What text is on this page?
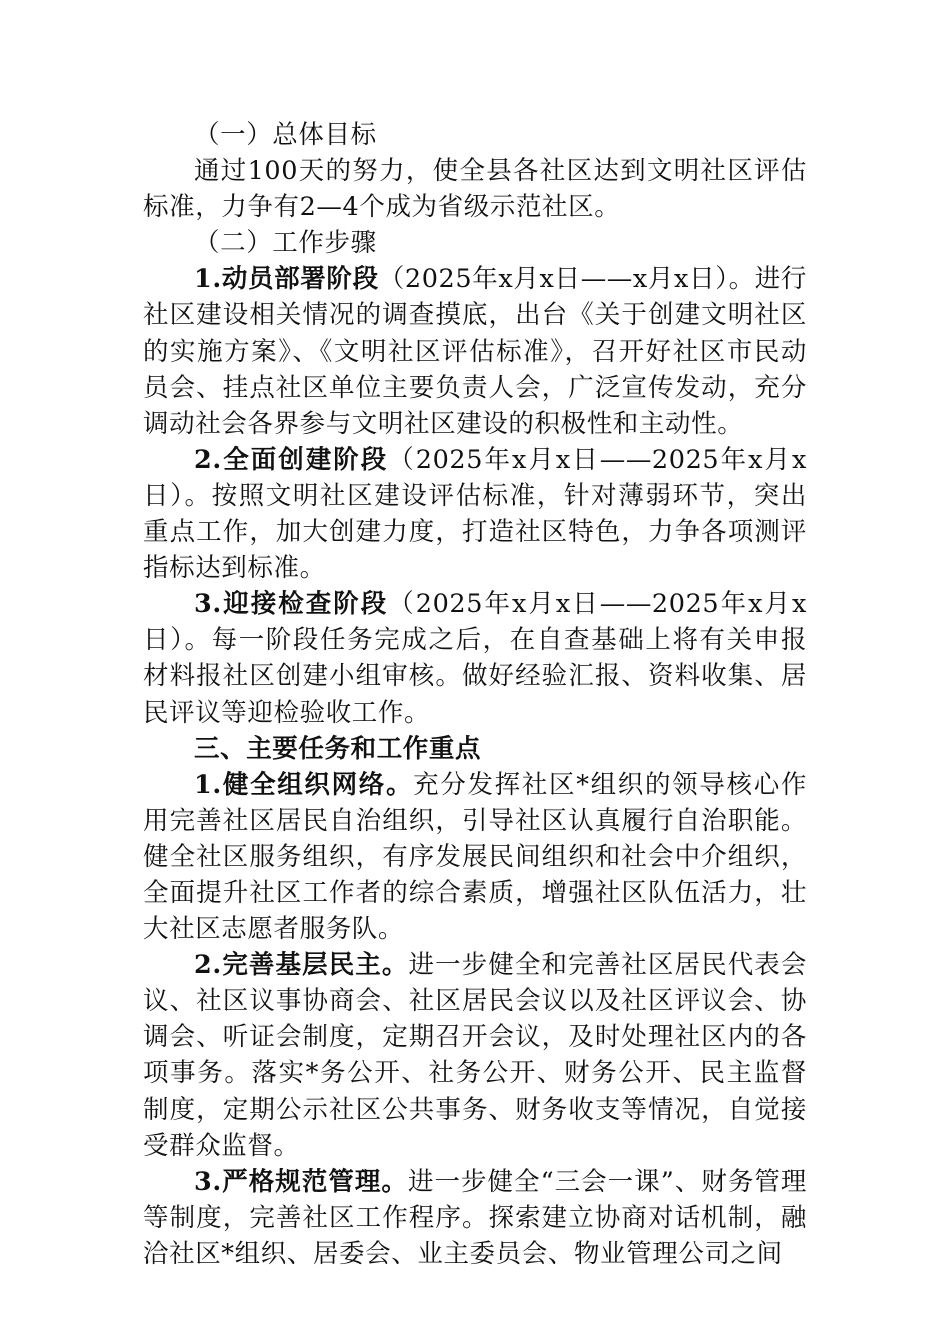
（一）总体目标

通过100天的努力，使全县各社区达到文明社区评估标准，力争有2—4个成为省级示范社区。

（二）工作步骤

1.动员部署阶段（2025年x月x日——x月x日）。进行社区建设相关情况的调查摸底，出台《关于创建文明社区的实施方案》、《文明社区评估标准》，召开好社区市民动员会、挂点社区单位主要负责人会，广泛宣传发动，充分调动社会各界参与文明社区建设的积极性和主动性。

2.全面创建阶段（2025年x月x日——2025年x月x日）。按照文明社区建设评估标准，针对薄弱环节，突出重点工作，加大创建力度，打造社区特色，力争各项测评指标达到标准。

3.迎接检查阶段（2025年x月x日——2025年x月x日）。每一阶段任务完成之后，在自查基础上将有关申报材料报社区创建小组审核。做好经验汇报、资料收集、居民评议等迎检验收工作。

三、主要任务和工作重点

1.健全组织网络。充分发挥社区*组织的领导核心作用完善社区居民自治组织，引导社区认真履行自治职能。健全社区服务组织，有序发展民间组织和社会中介组织，全面提升社区工作者的综合素质，增强社区队伍活力，壮大社区志愿者服务队。

2.完善基层民主。进一步健全和完善社区居民代表会议、社区议事协商会、社区居民会议以及社区评议会、协调会、听证会制度，定期召开会议，及时处理社区内的各项事务。落实*务公开、社务公开、财务公开、民主监督制度，定期公示社区公共事务、财务收支等情况，自觉接受群众监督。

3.严格规范管理。进一步健全“三会一课”、财务管理等制度，完善社区工作程序。探索建立协商对话机制，融洽社区*组织、居委会、业主委员会、物业管理公司之间
